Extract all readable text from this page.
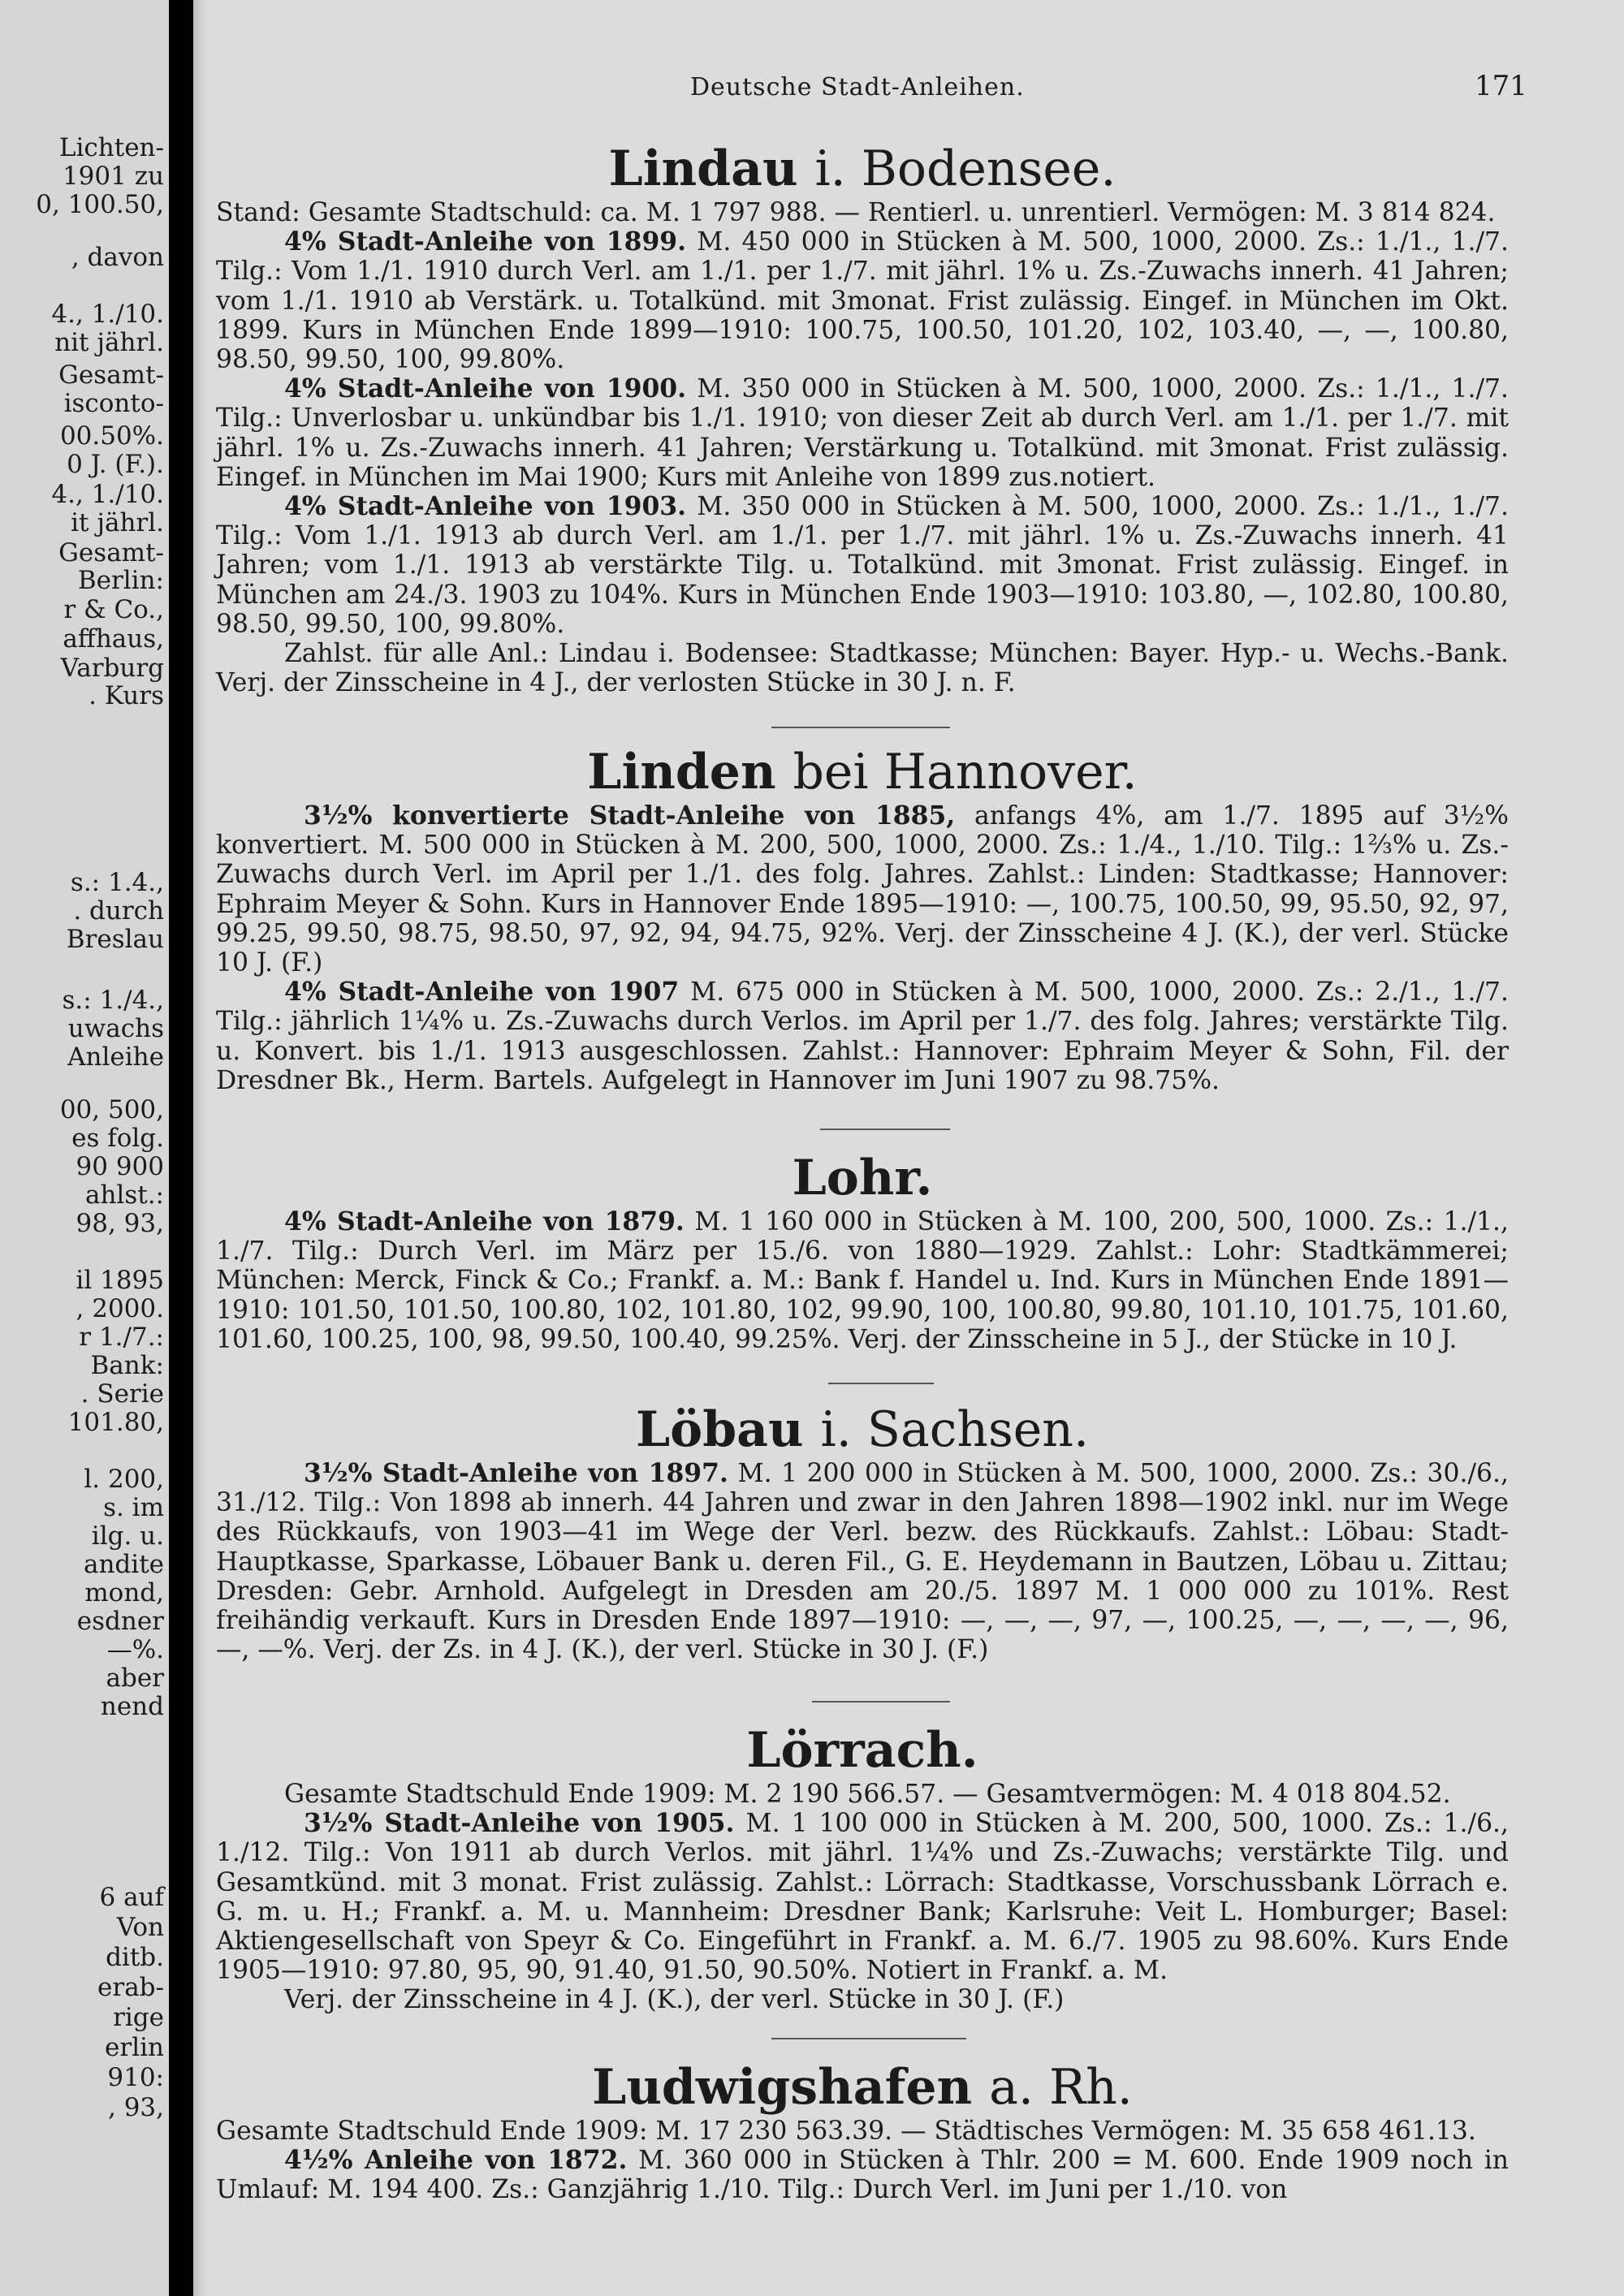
Lichten-
1901 zu
0, 100.50,
, davon
4., 1./10.
nit jährl.
Gesamt-
isconto-
00.50%.
0 J. (F.).
4., 1./10.
it jährl.
Gesamt-
Berlin:
r & Co.,
affhaus,
Varburg
. Kurs
s.: 1.4.,
. durch
Breslau
s.: 1./4.,
uwachs
Anleihe
00, 500,
es folg.
90 900
ahlst.:
98, 93,
il 1895
, 2000.
r 1./7.:
Bank:
. Serie
101.80,
l. 200,
s. im
ilg. u.
andite
mond,
esdner
—%.
aber
nend
6 auf
Von
ditb.
erab-
rige
erlin
910:
, 93,
Deutsche Stadt-Anleihen.	171
Lindau i. Bodensee.

Stand: Gesamte Stadtschuld: ca. M. 1 797 988. — Rentierl. u. unrentierl. Vermögen: M. 3 814 824.

4% Stadt-Anleihe von 1899. M. 450 000 in Stücken à M. 500, 1000, 2000. Zs.: 1./1., 1./7. Tilg.: Vom 1./1. 1910 durch Verl. am 1./1. per 1./7. mit jährl. 1% u. Zs.-Zuwachs innerh. 41 Jahren; vom 1./1. 1910 ab Verstärk. u. Totalkünd. mit 3monat. Frist zulässig. Eingef. in München im Okt. 1899. Kurs in München Ende 1899—1910: 100.75, 100.50, 101.20, 102, 103.40, —, —, 100.80, 98.50, 99.50, 100, 99.80%.

4% Stadt-Anleihe von 1900. M. 350 000 in Stücken à M. 500, 1000, 2000. Zs.: 1./1., 1./7. Tilg.: Unverlosbar u. unkündbar bis 1./1. 1910; von dieser Zeit ab durch Verl. am 1./1. per 1./7. mit jährl. 1% u. Zs.-Zuwachs innerh. 41 Jahren; Verstärkung u. Totalkünd. mit 3monat. Frist zulässig. Eingef. in München im Mai 1900; Kurs mit Anleihe von 1899 zus.notiert.

4% Stadt-Anleihe von 1903. M. 350 000 in Stücken à M. 500, 1000, 2000. Zs.: 1./1., 1./7. Tilg.: Vom 1./1. 1913 ab durch Verl. am 1./1. per 1./7. mit jährl. 1% u. Zs.-Zuwachs innerh. 41 Jahren; vom 1./1. 1913 ab verstärkte Tilg. u. Totalkünd. mit 3monat. Frist zulässig. Eingef. in München am 24./3. 1903 zu 104%. Kurs in München Ende 1903—1910: 103.80, —, 102.80, 100.80, 98.50, 99.50, 100, 99.80%.

Zahlst. für alle Anl.: Lindau i. Bodensee: Stadtkasse; München: Bayer. Hyp.- u. Wechs.-Bank. Verj. der Zinsscheine in 4 J., der verlosten Stücke in 30 J. n. F.

Linden bei Hannover.

3½% konvertierte Stadt-Anleihe von 1885, anfangs 4%, am 1./7. 1895 auf 3½% konvertiert. M. 500 000 in Stücken à M. 200, 500, 1000, 2000. Zs.: 1./4., 1./10. Tilg.: 1⅔% u. Zs.-Zuwachs durch Verl. im April per 1./1. des folg. Jahres. Zahlst.: Linden: Stadtkasse; Hannover: Ephraim Meyer & Sohn. Kurs in Hannover Ende 1895—1910: —, 100.75, 100.50, 99, 95.50, 92, 97, 99.25, 99.50, 98.75, 98.50, 97, 92, 94, 94.75, 92%. Verj. der Zinsscheine 4 J. (K.), der verl. Stücke 10 J. (F.)

4% Stadt-Anleihe von 1907 M. 675 000 in Stücken à M. 500, 1000, 2000. Zs.: 2./1., 1./7. Tilg.: jährlich 1¼% u. Zs.-Zuwachs durch Verlos. im April per 1./7. des folg. Jahres; verstärkte Tilg. u. Konvert. bis 1./1. 1913 ausgeschlossen. Zahlst.: Hannover: Ephraim Meyer & Sohn, Fil. der Dresdner Bk., Herm. Bartels. Aufgelegt in Hannover im Juni 1907 zu 98.75%.

Lohr.

4% Stadt-Anleihe von 1879. M. 1 160 000 in Stücken à M. 100, 200, 500, 1000. Zs.: 1./1., 1./7. Tilg.: Durch Verl. im März per 15./6. von 1880—1929. Zahlst.: Lohr: Stadtkämmerei; München: Merck, Finck & Co.; Frankf. a. M.: Bank f. Handel u. Ind. Kurs in München Ende 1891—1910: 101.50, 101.50, 100.80, 102, 101.80, 102, 99.90, 100, 100.80, 99.80, 101.10, 101.75, 101.60, 101.60, 100.25, 100, 98, 99.50, 100.40, 99.25%. Verj. der Zinsscheine in 5 J., der Stücke in 10 J.

Löbau i. Sachsen.

3½% Stadt-Anleihe von 1897. M. 1 200 000 in Stücken à M. 500, 1000, 2000. Zs.: 30./6., 31./12. Tilg.: Von 1898 ab innerh. 44 Jahren und zwar in den Jahren 1898—1902 inkl. nur im Wege des Rückkaufs, von 1903—41 im Wege der Verl. bezw. des Rückkaufs. Zahlst.: Löbau: Stadt-Hauptkasse, Sparkasse, Löbauer Bank u. deren Fil., G. E. Heydemann in Bautzen, Löbau u. Zittau; Dresden: Gebr. Arnhold. Aufgelegt in Dresden am 20./5. 1897 M. 1 000 000 zu 101%. Rest freihändig verkauft. Kurs in Dresden Ende 1897—1910: —, —, —, 97, —, 100.25, —, —, —, —, 96, —, —%. Verj. der Zs. in 4 J. (K.), der verl. Stücke in 30 J. (F.)

Lörrach.

Gesamte Stadtschuld Ende 1909: M. 2 190 566.57. — Gesamtvermögen: M. 4 018 804.52.

3½% Stadt-Anleihe von 1905. M. 1 100 000 in Stücken à M. 200, 500, 1000. Zs.: 1./6., 1./12. Tilg.: Von 1911 ab durch Verlos. mit jährl. 1¼% und Zs.-Zuwachs; verstärkte Tilg. und Gesamtkünd. mit 3 monat. Frist zulässig. Zahlst.: Lörrach: Stadtkasse, Vorschussbank Lörrach e. G. m. u. H.; Frankf. a. M. u. Mannheim: Dresdner Bank; Karlsruhe: Veit L. Homburger; Basel: Aktiengesellschaft von Speyr & Co. Eingeführt in Frankf. a. M. 6./7. 1905 zu 98.60%. Kurs Ende 1905—1910: 97.80, 95, 90, 91.40, 91.50, 90.50%. Notiert in Frankf. a. M.

Verj. der Zinsscheine in 4 J. (K.), der verl. Stücke in 30 J. (F.)

Ludwigshafen a. Rh.

Gesamte Stadtschuld Ende 1909: M. 17 230 563.39. — Städtisches Vermögen: M. 35 658 461.13.

4½% Anleihe von 1872. M. 360 000 in Stücken à Thlr. 200 = M. 600. Ende 1909 noch in Umlauf: M. 194 400. Zs.: Ganzjährig 1./10. Tilg.: Durch Verl. im Juni per 1./10. von
